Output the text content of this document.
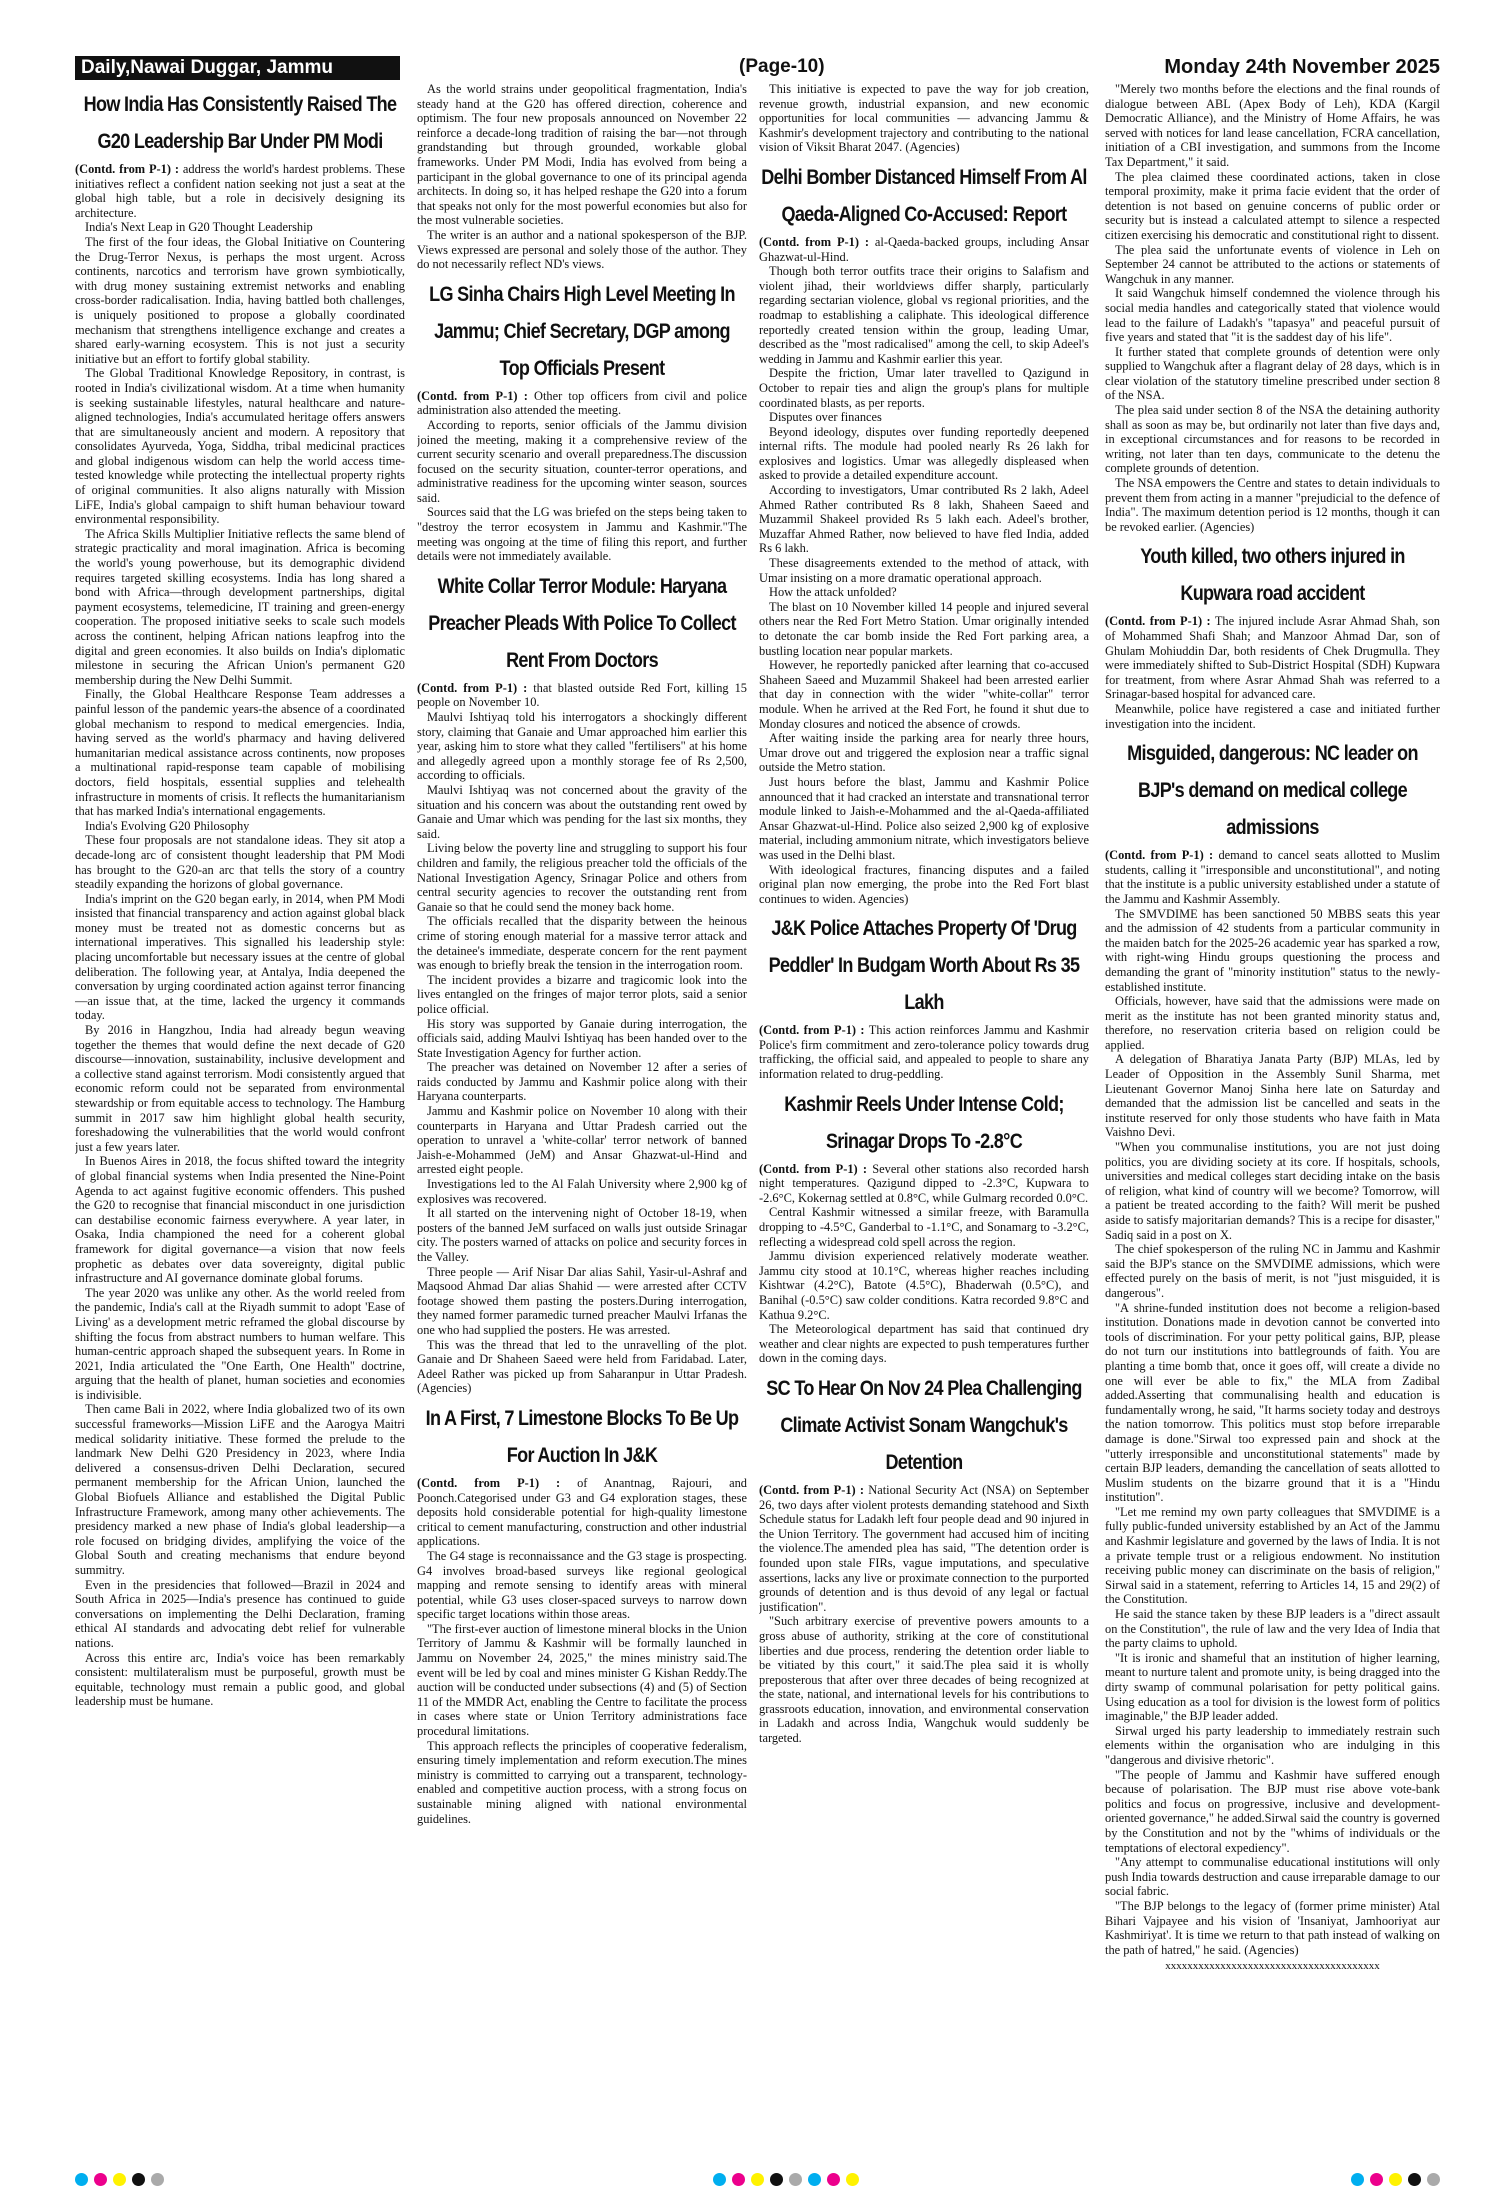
Daily,Nawai Duggar, Jammu	(Page-10)	Monday 24th November 2025
How India Has Consistently Raised The G20 Leadership Bar Under PM Modi

(Contd. from P-1) : address the world's hardest problems. These initiatives reflect a confident nation seeking not just a seat at the global high table, but a role in decisively designing its architecture.

India's Next Leap in G20 Thought Leadership

The first of the four ideas, the Global Initiative on Countering the Drug-Terror Nexus, is perhaps the most urgent. Across continents, narcotics and terrorism have grown symbiotically, with drug money sustaining extremist networks and enabling cross-border radicalisation. India, having battled both challenges, is uniquely positioned to propose a globally coordinated mechanism that strengthens intelligence exchange and creates a shared early-warning ecosystem. This is not just a security initiative but an effort to fortify global stability.

The Global Traditional Knowledge Repository, in contrast, is rooted in India's civilizational wisdom. At a time when humanity is seeking sustainable lifestyles, natural healthcare and nature-aligned technologies, India's accumulated heritage offers answers that are simultaneously ancient and modern. A repository that consolidates Ayurveda, Yoga, Siddha, tribal medicinal practices and global indigenous wisdom can help the world access time-tested knowledge while protecting the intellectual property rights of original communities. It also aligns naturally with Mission LiFE, India's global campaign to shift human behaviour toward environmental responsibility.

The Africa Skills Multiplier Initiative reflects the same blend of strategic practicality and moral imagination. Africa is becoming the world's young powerhouse, but its demographic dividend requires targeted skilling ecosystems. India has long shared a bond with Africa—through development partnerships, digital payment ecosystems, telemedicine, IT training and green-energy cooperation. The proposed initiative seeks to scale such models across the continent, helping African nations leapfrog into the digital and green economies. It also builds on India's diplomatic milestone in securing the African Union's permanent G20 membership during the New Delhi Summit.

Finally, the Global Healthcare Response Team addresses a painful lesson of the pandemic years-the absence of a coordinated global mechanism to respond to medical emergencies. India, having served as the world's pharmacy and having delivered humanitarian medical assistance across continents, now proposes a multinational rapid-response team capable of mobilising doctors, field hospitals, essential supplies and telehealth infrastructure in moments of crisis. It reflects the humanitarianism that has marked India's international engagements.

India's Evolving G20 Philosophy

These four proposals are not standalone ideas. They sit atop a decade-long arc of consistent thought leadership that PM Modi has brought to the G20-an arc that tells the story of a country steadily expanding the horizons of global governance.

India's imprint on the G20 began early, in 2014, when PM Modi insisted that financial transparency and action against global black money must be treated not as domestic concerns but as international imperatives. This signalled his leadership style: placing uncomfortable but necessary issues at the centre of global deliberation. The following year, at Antalya, India deepened the conversation by urging coordinated action against terror financing—an issue that, at the time, lacked the urgency it commands today.

By 2016 in Hangzhou, India had already begun weaving together the themes that would define the next decade of G20 discourse—innovation, sustainability, inclusive development and a collective stand against terrorism. Modi consistently argued that economic reform could not be separated from environmental stewardship or from equitable access to technology. The Hamburg summit in 2017 saw him highlight global health security, foreshadowing the vulnerabilities that the world would confront just a few years later.

In Buenos Aires in 2018, the focus shifted toward the integrity of global financial systems when India presented the Nine-Point Agenda to act against fugitive economic offenders. This pushed the G20 to recognise that financial misconduct in one jurisdiction can destabilise economic fairness everywhere. A year later, in Osaka, India championed the need for a coherent global framework for digital governance—a vision that now feels prophetic as debates over data sovereignty, digital public infrastructure and AI governance dominate global forums.

The year 2020 was unlike any other. As the world reeled from the pandemic, India's call at the Riyadh summit to adopt 'Ease of Living' as a development metric reframed the global discourse by shifting the focus from abstract numbers to human welfare. This human-centric approach shaped the subsequent years. In Rome in 2021, India articulated the "One Earth, One Health" doctrine, arguing that the health of planet, human societies and economies is indivisible.

Then came Bali in 2022, where India globalized two of its own successful frameworks—Mission LiFE and the Aarogya Maitri medical solidarity initiative. These formed the prelude to the landmark New Delhi G20 Presidency in 2023, where India delivered a consensus-driven Delhi Declaration, secured permanent membership for the African Union, launched the Global Biofuels Alliance and established the Digital Public Infrastructure Framework, among many other achievements. The presidency marked a new phase of India's global leadership—a role focused on bridging divides, amplifying the voice of the Global South and creating mechanisms that endure beyond summitry.

Even in the presidencies that followed—Brazil in 2024 and South Africa in 2025—India's presence has continued to guide conversations on implementing the Delhi Declaration, framing ethical AI standards and advocating debt relief for vulnerable nations.

Across this entire arc, India's voice has been remarkably consistent: multilateralism must be purposeful, growth must be equitable, technology must remain a public good, and global leadership must be humane.

As the world strains under geopolitical fragmentation, India's steady hand at the G20 has offered direction, coherence and optimism. The four new proposals announced on November 22 reinforce a decade-long tradition of raising the bar—not through grandstanding but through grounded, workable global frameworks. Under PM Modi, India has evolved from being a participant in the global governance to one of its principal agenda architects. In doing so, it has helped reshape the G20 into a forum that speaks not only for the most powerful economies but also for the most vulnerable societies.

The writer is an author and a national spokesperson of the BJP. Views expressed are personal and solely those of the author. They do not necessarily reflect ND's views.

LG Sinha Chairs High Level Meeting In Jammu; Chief Secretary, DGP among Top Officials Present

(Contd. from P-1) : Other top officers from civil and police administration also attended the meeting.

According to reports, senior officials of the Jammu division joined the meeting, making it a comprehensive review of the current security scenario and overall preparedness.The discussion focused on the security situation, counter-terror operations, and administrative readiness for the upcoming winter season, sources said.

Sources said that the LG was briefed on the steps being taken to "destroy the terror ecosystem in Jammu and Kashmir."The meeting was ongoing at the time of filing this report, and further details were not immediately available.

White Collar Terror Module: Haryana Preacher Pleads With Police To Collect Rent From Doctors

(Contd. from P-1) : that blasted outside Red Fort, killing 15 people on November 10.

Maulvi Ishtiyaq told his interrogators a shockingly different story, claiming that Ganaie and Umar approached him earlier this year, asking him to store what they called "fertilisers" at his home and allegedly agreed upon a monthly storage fee of Rs 2,500, according to officials.

Maulvi Ishtiyaq was not concerned about the gravity of the situation and his concern was about the outstanding rent owed by Ganaie and Umar which was pending for the last six months, they said.

Living below the poverty line and struggling to support his four children and family, the religious preacher told the officials of the National Investigation Agency, Srinagar Police and others from central security agencies to recover the outstanding rent from Ganaie so that he could send the money back home.

The officials recalled that the disparity between the heinous crime of storing enough material for a massive terror attack and the detainee's immediate, desperate concern for the rent payment was enough to briefly break the tension in the interrogation room.

The incident provides a bizarre and tragicomic look into the lives entangled on the fringes of major terror plots, said a senior police official.

His story was supported by Ganaie during interrogation, the officials said, adding Maulvi Ishtiyaq has been handed over to the State Investigation Agency for further action.

The preacher was detained on November 12 after a series of raids conducted by Jammu and Kashmir police along with their Haryana counterparts.

Jammu and Kashmir police on November 10 along with their counterparts in Haryana and Uttar Pradesh carried out the operation to unravel a 'white-collar' terror network of banned Jaish-e-Mohammed (JeM) and Ansar Ghazwat-ul-Hind and arrested eight people.

Investigations led to the Al Falah University where 2,900 kg of explosives was recovered.

It all started on the intervening night of October 18-19, when posters of the banned JeM surfaced on walls just outside Srinagar city. The posters warned of attacks on police and security forces in the Valley.

Three people — Arif Nisar Dar alias Sahil, Yasir-ul-Ashraf and Maqsood Ahmad Dar alias Shahid — were arrested after CCTV footage showed them pasting the posters.During interrogation, they named former paramedic turned preacher Maulvi Irfanas the one who had supplied the posters. He was arrested.

This was the thread that led to the unravelling of the plot. Ganaie and Dr Shaheen Saeed were held from Faridabad. Later, Adeel Rather was picked up from Saharanpur in Uttar Pradesh. (Agencies)

In A First, 7 Limestone Blocks To Be Up For Auction In J&K

(Contd. from P-1) : of Anantnag, Rajouri, and Poonch.Categorised under G3 and G4 exploration stages, these deposits hold considerable potential for high-quality limestone critical to cement manufacturing, construction and other industrial applications.

The G4 stage is reconnaissance and the G3 stage is prospecting. G4 involves broad-based surveys like regional geological mapping and remote sensing to identify areas with mineral potential, while G3 uses closer-spaced surveys to narrow down specific target locations within those areas.

"The first-ever auction of limestone mineral blocks in the Union Territory of Jammu & Kashmir will be formally launched in Jammu on November 24, 2025," the mines ministry said.The event will be led by coal and mines minister G Kishan Reddy.The auction will be conducted under subsections (4) and (5) of Section 11 of the MMDR Act, enabling the Centre to facilitate the process in cases where state or Union Territory administrations face procedural limitations.

This approach reflects the principles of cooperative federalism, ensuring timely implementation and reform execution.The mines ministry is committed to carrying out a transparent, technology-enabled and competitive auction process, with a strong focus on sustainable mining aligned with national environmental guidelines.

This initiative is expected to pave the way for job creation, revenue growth, industrial expansion, and new economic opportunities for local communities — advancing Jammu & Kashmir's development trajectory and contributing to the national vision of Viksit Bharat 2047. (Agencies)

Delhi Bomber Distanced Himself From Al Qaeda-Aligned Co-Accused: Report

(Contd. from P-1) : al-Qaeda-backed groups, including Ansar Ghazwat-ul-Hind.

Though both terror outfits trace their origins to Salafism and violent jihad, their worldviews differ sharply, particularly regarding sectarian violence, global vs regional priorities, and the roadmap to establishing a caliphate. This ideological difference reportedly created tension within the group, leading Umar, described as the "most radicalised" among the cell, to skip Adeel's wedding in Jammu and Kashmir earlier this year.

Despite the friction, Umar later travelled to Qazigund in October to repair ties and align the group's plans for multiple coordinated blasts, as per reports.

Disputes over finances

Beyond ideology, disputes over funding reportedly deepened internal rifts. The module had pooled nearly Rs 26 lakh for explosives and logistics. Umar was allegedly displeased when asked to provide a detailed expenditure account.

According to investigators, Umar contributed Rs 2 lakh, Adeel Ahmed Rather contributed Rs 8 lakh, Shaheen Saeed and Muzammil Shakeel provided Rs 5 lakh each. Adeel's brother, Muzaffar Ahmed Rather, now believed to have fled India, added Rs 6 lakh.

These disagreements extended to the method of attack, with Umar insisting on a more dramatic operational approach.

How the attack unfolded?

The blast on 10 November killed 14 people and injured several others near the Red Fort Metro Station. Umar originally intended to detonate the car bomb inside the Red Fort parking area, a bustling location near popular markets.

However, he reportedly panicked after learning that co-accused Shaheen Saeed and Muzammil Shakeel had been arrested earlier that day in connection with the wider "white-collar" terror module. When he arrived at the Red Fort, he found it shut due to Monday closures and noticed the absence of crowds.

After waiting inside the parking area for nearly three hours, Umar drove out and triggered the explosion near a traffic signal outside the Metro station.

Just hours before the blast, Jammu and Kashmir Police announced that it had cracked an interstate and transnational terror module linked to Jaish-e-Mohammed and the al-Qaeda-affiliated Ansar Ghazwat-ul-Hind. Police also seized 2,900 kg of explosive material, including ammonium nitrate, which investigators believe was used in the Delhi blast.

With ideological fractures, financing disputes and a failed original plan now emerging, the probe into the Red Fort blast continues to widen. Agencies)

J&K Police Attaches Property Of 'Drug Peddler' In Budgam Worth About Rs 35 Lakh

(Contd. from P-1) : This action reinforces Jammu and Kashmir Police's firm commitment and zero-tolerance policy towards drug trafficking, the official said, and appealed to people to share any information related to drug-peddling.

Kashmir Reels Under Intense Cold; Srinagar Drops To -2.8°C

(Contd. from P-1) : Several other stations also recorded harsh night temperatures. Qazigund dipped to -2.3°C, Kupwara to -2.6°C, Kokernag settled at 0.8°C, while Gulmarg recorded 0.0°C.

Central Kashmir witnessed a similar freeze, with Baramulla dropping to -4.5°C, Ganderbal to -1.1°C, and Sonamarg to -3.2°C, reflecting a widespread cold spell across the region.

Jammu division experienced relatively moderate weather. Jammu city stood at 10.1°C, whereas higher reaches including Kishtwar (4.2°C), Batote (4.5°C), Bhaderwah (0.5°C), and Banihal (-0.5°C) saw colder conditions. Katra recorded 9.8°C and Kathua 9.2°C.

The Meteorological department has said that continued dry weather and clear nights are expected to push temperatures further down in the coming days.

SC To Hear On Nov 24 Plea Challenging Climate Activist Sonam Wangchuk's Detention

(Contd. from P-1) : National Security Act (NSA) on September 26, two days after violent protests demanding statehood and Sixth Schedule status for Ladakh left four people dead and 90 injured in the Union Territory. The government had accused him of inciting the violence.The amended plea has said, "The detention order is founded upon stale FIRs, vague imputations, and speculative assertions, lacks any live or proximate connection to the purported grounds of detention and is thus devoid of any legal or factual justification".

"Such arbitrary exercise of preventive powers amounts to a gross abuse of authority, striking at the core of constitutional liberties and due process, rendering the detention order liable to be vitiated by this court," it said.The plea said it is wholly preposterous that after over three decades of being recognized at the state, national, and international levels for his contributions to grassroots education, innovation, and environmental conservation in Ladakh and across India, Wangchuk would suddenly be targeted.

"Merely two months before the elections and the final rounds of dialogue between ABL (Apex Body of Leh), KDA (Kargil Democratic Alliance), and the Ministry of Home Affairs, he was served with notices for land lease cancellation, FCRA cancellation, initiation of a CBI investigation, and summons from the Income Tax Department," it said.

The plea claimed these coordinated actions, taken in close temporal proximity, make it prima facie evident that the order of detention is not based on genuine concerns of public order or security but is instead a calculated attempt to silence a respected citizen exercising his democratic and constitutional right to dissent.

The plea said the unfortunate events of violence in Leh on September 24 cannot be attributed to the actions or statements of Wangchuk in any manner.

It said Wangchuk himself condemned the violence through his social media handles and categorically stated that violence would lead to the failure of Ladakh's "tapasya" and peaceful pursuit of five years and stated that "it is the saddest day of his life".

It further stated that complete grounds of detention were only supplied to Wangchuk after a flagrant delay of 28 days, which is in clear violation of the statutory timeline prescribed under section 8 of the NSA.

The plea said under section 8 of the NSA the detaining authority shall as soon as may be, but ordinarily not later than five days and, in exceptional circumstances and for reasons to be recorded in writing, not later than ten days, communicate to the detenu the complete grounds of detention.

The NSA empowers the Centre and states to detain individuals to prevent them from acting in a manner "prejudicial to the defence of India". The maximum detention period is 12 months, though it can be revoked earlier. (Agencies)

Youth killed, two others injured in Kupwara road accident

(Contd. from P-1) : The injured include Asrar Ahmad Shah, son of Mohammed Shafi Shah; and Manzoor Ahmad Dar, son of Ghulam Mohiuddin Dar, both residents of Chek Drugmulla. They were immediately shifted to Sub-District Hospital (SDH) Kupwara for treatment, from where Asrar Ahmad Shah was referred to a Srinagar-based hospital for advanced care.

Meanwhile, police have registered a case and initiated further investigation into the incident.

Misguided, dangerous: NC leader on BJP's demand on medical college admissions

(Contd. from P-1) : demand to cancel seats allotted to Muslim students, calling it "irresponsible and unconstitutional", and noting that the institute is a public university established under a statute of the Jammu and Kashmir Assembly.

The SMVDIME has been sanctioned 50 MBBS seats this year and the admission of 42 students from a particular community in the maiden batch for the 2025-26 academic year has sparked a row, with right-wing Hindu groups questioning the process and demanding the grant of "minority institution" status to the newly-established institute.

Officials, however, have said that the admissions were made on merit as the institute has not been granted minority status and, therefore, no reservation criteria based on religion could be applied.

A delegation of Bharatiya Janata Party (BJP) MLAs, led by Leader of Opposition in the Assembly Sunil Sharma, met Lieutenant Governor Manoj Sinha here late on Saturday and demanded that the admission list be cancelled and seats in the institute reserved for only those students who have faith in Mata Vaishno Devi.

"When you communalise institutions, you are not just doing politics, you are dividing society at its core. If hospitals, schools, universities and medical colleges start deciding intake on the basis of religion, what kind of country will we become? Tomorrow, will a patient be treated according to the faith? Will merit be pushed aside to satisfy majoritarian demands? This is a recipe for disaster," Sadiq said in a post on X.

The chief spokesperson of the ruling NC in Jammu and Kashmir said the BJP's stance on the SMVDIME admissions, which were effected purely on the basis of merit, is not "just misguided, it is dangerous".

"A shrine-funded institution does not become a religion-based institution. Donations made in devotion cannot be converted into tools of discrimination. For your petty political gains, BJP, please do not turn our institutions into battlegrounds of faith. You are planting a time bomb that, once it goes off, will create a divide no one will ever be able to fix," the MLA from Zadibal added.Asserting that communalising health and education is fundamentally wrong, he said, "It harms society today and destroys the nation tomorrow. This politics must stop before irreparable damage is done."Sirwal too expressed pain and shock at the "utterly irresponsible and unconstitutional statements" made by certain BJP leaders, demanding the cancellation of seats allotted to Muslim students on the bizarre ground that it is a "Hindu institution".

"Let me remind my own party colleagues that SMVDIME is a fully public-funded university established by an Act of the Jammu and Kashmir legislature and governed by the laws of India. It is not a private temple trust or a religious endowment. No institution receiving public money can discriminate on the basis of religion," Sirwal said in a statement, referring to Articles 14, 15 and 29(2) of the Constitution.

He said the stance taken by these BJP leaders is a "direct assault on the Constitution", the rule of law and the very Idea of India that the party claims to uphold.

"It is ironic and shameful that an institution of higher learning, meant to nurture talent and promote unity, is being dragged into the dirty swamp of communal polarisation for petty political gains. Using education as a tool for division is the lowest form of politics imaginable," the BJP leader added.

Sirwal urged his party leadership to immediately restrain such elements within the organisation who are indulging in this "dangerous and divisive rhetoric".

"The people of Jammu and Kashmir have suffered enough because of polarisation. The BJP must rise above vote-bank politics and focus on progressive, inclusive and development-oriented governance," he added.Sirwal said the country is governed by the Constitution and not by the "whims of individuals or the temptations of electoral expediency".

"Any attempt to communalise educational institutions will only push India towards destruction and cause irreparable damage to our social fabric.

"The BJP belongs to the legacy of (former prime minister) Atal Bihari Vajpayee and his vision of 'Insaniyat, Jamhooriyat aur Kashmiriyat'. It is time we return to that path instead of walking on the path of hatred," he said. (Agencies)

xxxxxxxxxxxxxxxxxxxxxxxxxxxxxxxxxxxxxxx
